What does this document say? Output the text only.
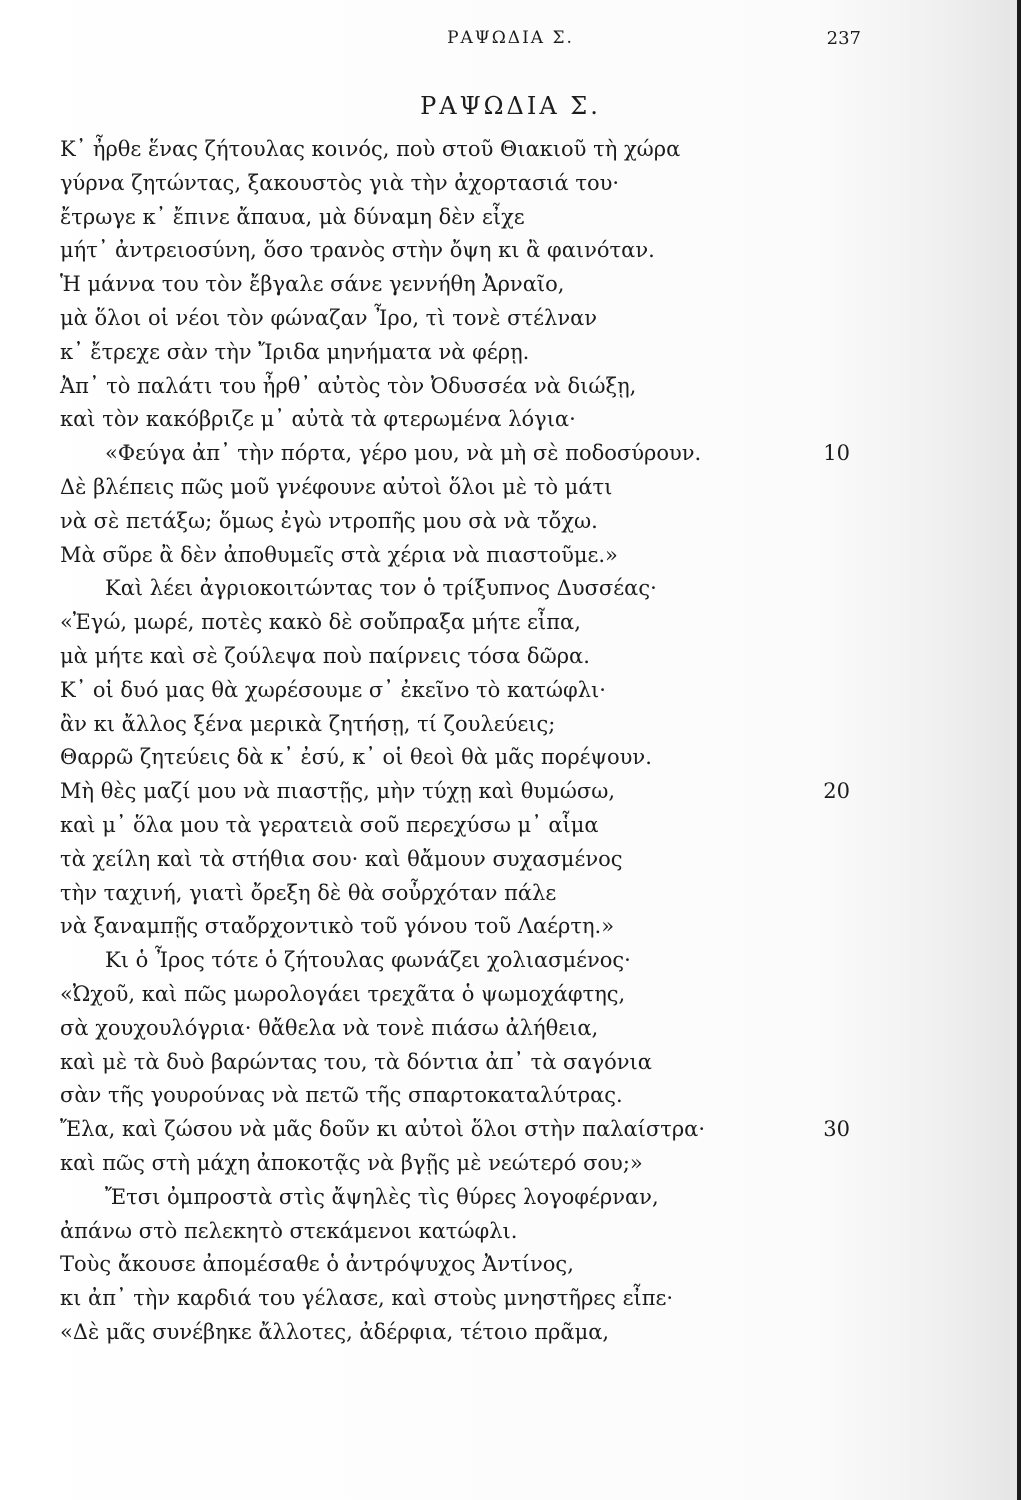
ΡΑΨΩΔΙΑ Σ.	237
ΡΑΨΩΔΙΑ Σ.
Κ᾽ ἦρθε ἕνας ζήτουλας κοινός, ποὺ στοῦ Θιακιοῦ τὴ χώρα
γύρνα ζητώντας, ξακουστὸς γιὰ τὴν ἀχορτασιά του·
ἔτρωγε κ᾽ ἔπινε ἄπαυα, μὰ δύναμη δὲν εἶχε
μήτ᾽ ἀντρειοσύνη, ὅσο τρανὸς στὴν ὄψη κι ἂ φαινόταν.
Ἡ μάννα του τὸν ἔβγαλε σάνε γεννήθη Ἀρναῖο,
μὰ ὅλοι οἱ νέοι τὸν φώναζαν Ἶρο, τὶ τονὲ στέλναν
κ᾽ ἔτρεχε σὰν τὴν Ἴριδα μηνήματα νὰ φέρῃ.
Ἀπ᾽ τὸ παλάτι του ἦρθ᾽ αὐτὸς τὸν Ὀδυσσέα νὰ διώξῃ,
καὶ τὸν κακόβριζε μ᾽ αὐτὰ τὰ φτερωμένα λόγια·
«Φεύγα ἀπ᾽ τὴν πόρτα, γέρο μου, νὰ μὴ σὲ ποδοσύρουν.	10
Δὲ βλέπεις πῶς μοῦ γνέφουνε αὐτοὶ ὅλοι μὲ τὸ μάτι
νὰ σὲ πετάξω; ὅμως ἐγὼ ντροπῆς μου σὰ νὰ τὄχω.
Μὰ σῦρε ἂ δὲν ἀποθυμεῖς στὰ χέρια νὰ πιαστοῦμε.»
Καὶ λέει ἀγριοκοιτώντας τον ὁ τρίξυπνος Δυσσέας·
«Ἐγώ, μωρέ, ποτὲς κακὸ δὲ σοὔπραξα μήτε εἶπα,
μὰ μήτε καὶ σὲ ζούλεψα ποὺ παίρνεις τόσα δῶρα.
Κ᾽ οἱ δυό μας θὰ χωρέσουμε σ᾽ ἐκεῖνο τὸ κατώφλι·
ἂν κι ἄλλος ξένα μερικὰ ζητήσῃ, τί ζουλεύεις;
Θαρρῶ ζητεύεις δὰ κ᾽ ἐσύ, κ᾽ οἱ θεοὶ θὰ μᾶς πορέψουν.
Μὴ θὲς μαζί μου νὰ πιαστῇς, μὴν τύχῃ καὶ θυμώσω,	20
καὶ μ᾽ ὅλα μου τὰ γερατειὰ σοῦ περεχύσω μ᾽ αἷμα
τὰ χείλη καὶ τὰ στήθια σου· καὶ θἄμουν συχασμένος
τὴν ταχινή, γιατὶ ὄρεξη δὲ θὰ σοὖρχόταν πάλε
νὰ ξαναμπῇς σταὄρχοντικὸ τοῦ γόνου τοῦ Λαέρτη.»
Κι ὁ Ἶρος τότε ὁ ζήτουλας φωνάζει χολιασμένος·
«Ὠχοῦ, καὶ πῶς μωρολογάει τρεχᾶτα ὁ ψωμοχάφτης,
σὰ χουχουλόγρια· θἄθελα νὰ τονὲ πιάσω ἀλήθεια,
καὶ μὲ τὰ δυὸ βαρώντας του, τὰ δόντια ἀπ᾽ τὰ σαγόνια
σὰν τῆς γουρούνας νὰ πετῶ τῆς σπαρτοκαταλύτρας.
Ἔλα, καὶ ζώσου νὰ μᾶς δοῦν κι αὐτοὶ ὅλοι στὴν παλαίστρα·	30
καὶ πῶς στὴ μάχη ἀποκοτᾷς νὰ βγῇς μὲ νεώτερό σου;»
Ἔτσι ὀμπροστὰ στὶς ἄψηλὲς τὶς θύρες λογοφέρναν,
ἀπάνω στὸ πελεκητὸ στεκάμενοι κατώφλι.
Τοὺς ἄκουσε ἀπομέσαθε ὁ ἀντρόψυχος Ἀντίνος,
κι ἀπ᾽ τὴν καρδιά του γέλασε, καὶ στοὺς μνηστῆρες εἶπε·
«Δὲ μᾶς συνέβηκε ἄλλοτες, ἀδέρφια, τέτοιο πρᾶμα,
